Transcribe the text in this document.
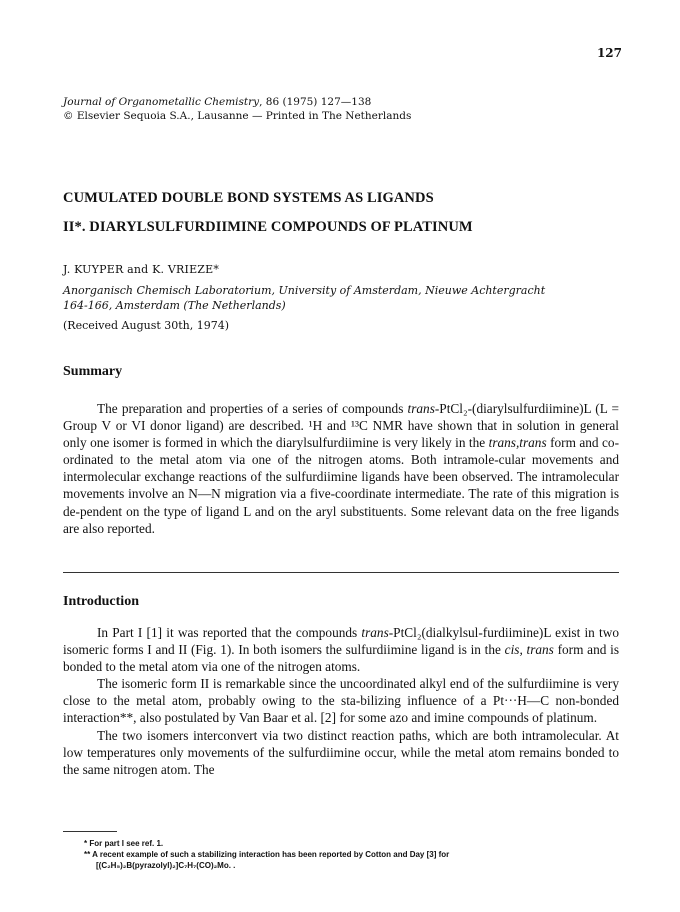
127
Journal of Organometallic Chemistry, 86 (1975) 127—138
© Elsevier Sequoia S.A., Lausanne — Printed in The Netherlands
CUMULATED DOUBLE BOND SYSTEMS AS LIGANDS
II*. DIARYLSULFURDIIMINE COMPOUNDS OF PLATINUM
J. KUYPER and K. VRIEZE*
Anorganisch Chemisch Laboratorium, University of Amsterdam, Nieuwe Achtergracht
164-166, Amsterdam (The Netherlands)
(Received August 30th, 1974)
Summary

The preparation and properties of a series of compounds trans-PtCl₂-(diarylsulfurdiimine)L (L = Group V or VI donor ligand) are described. ¹H and ¹³C NMR have shown that in solution in general only one isomer is formed in which the diarylsulfurdiimine is very likely in the trans,trans form and co-ordinated to the metal atom via one of the nitrogen atoms. Both intramole-cular movements and intermolecular exchange reactions of the sulfurdiimine ligands have been observed. The intramolecular movements involve an N—N migration via a five-coordinate intermediate. The rate of this migration is de-pendent on the type of ligand L and on the aryl substituents. Some relevant data on the free ligands are also reported.

Introduction

In Part I [1] it was reported that the compounds trans-PtCl₂(dialkylsul-furdiimine)L exist in two isomeric forms I and II (Fig. 1). In both isomers the sulfurdiimine ligand is in the cis, trans form and is bonded to the metal atom via one of the nitrogen atoms.

The isomeric form II is remarkable since the uncoordinated alkyl end of the sulfurdiimine is very close to the metal atom, probably owing to the sta-bilizing influence of a Pt···H—C non-bonded interaction**, also postulated by Van Baar et al. [2] for some azo and imine compounds of platinum.

The two isomers interconvert via two distinct reaction paths, which are both intramolecular. At low temperatures only movements of the sulfurdiimine occur, while the metal atom remains bonded to the same nitrogen atom. The

* For part I see ref. 1.
** A recent example of such a stabilizing interaction has been reported by Cotton and Day [3] for
[(C₂H₅)₂B(pyrazolyl)₂]C₇H₇(CO)₂Mo. .
